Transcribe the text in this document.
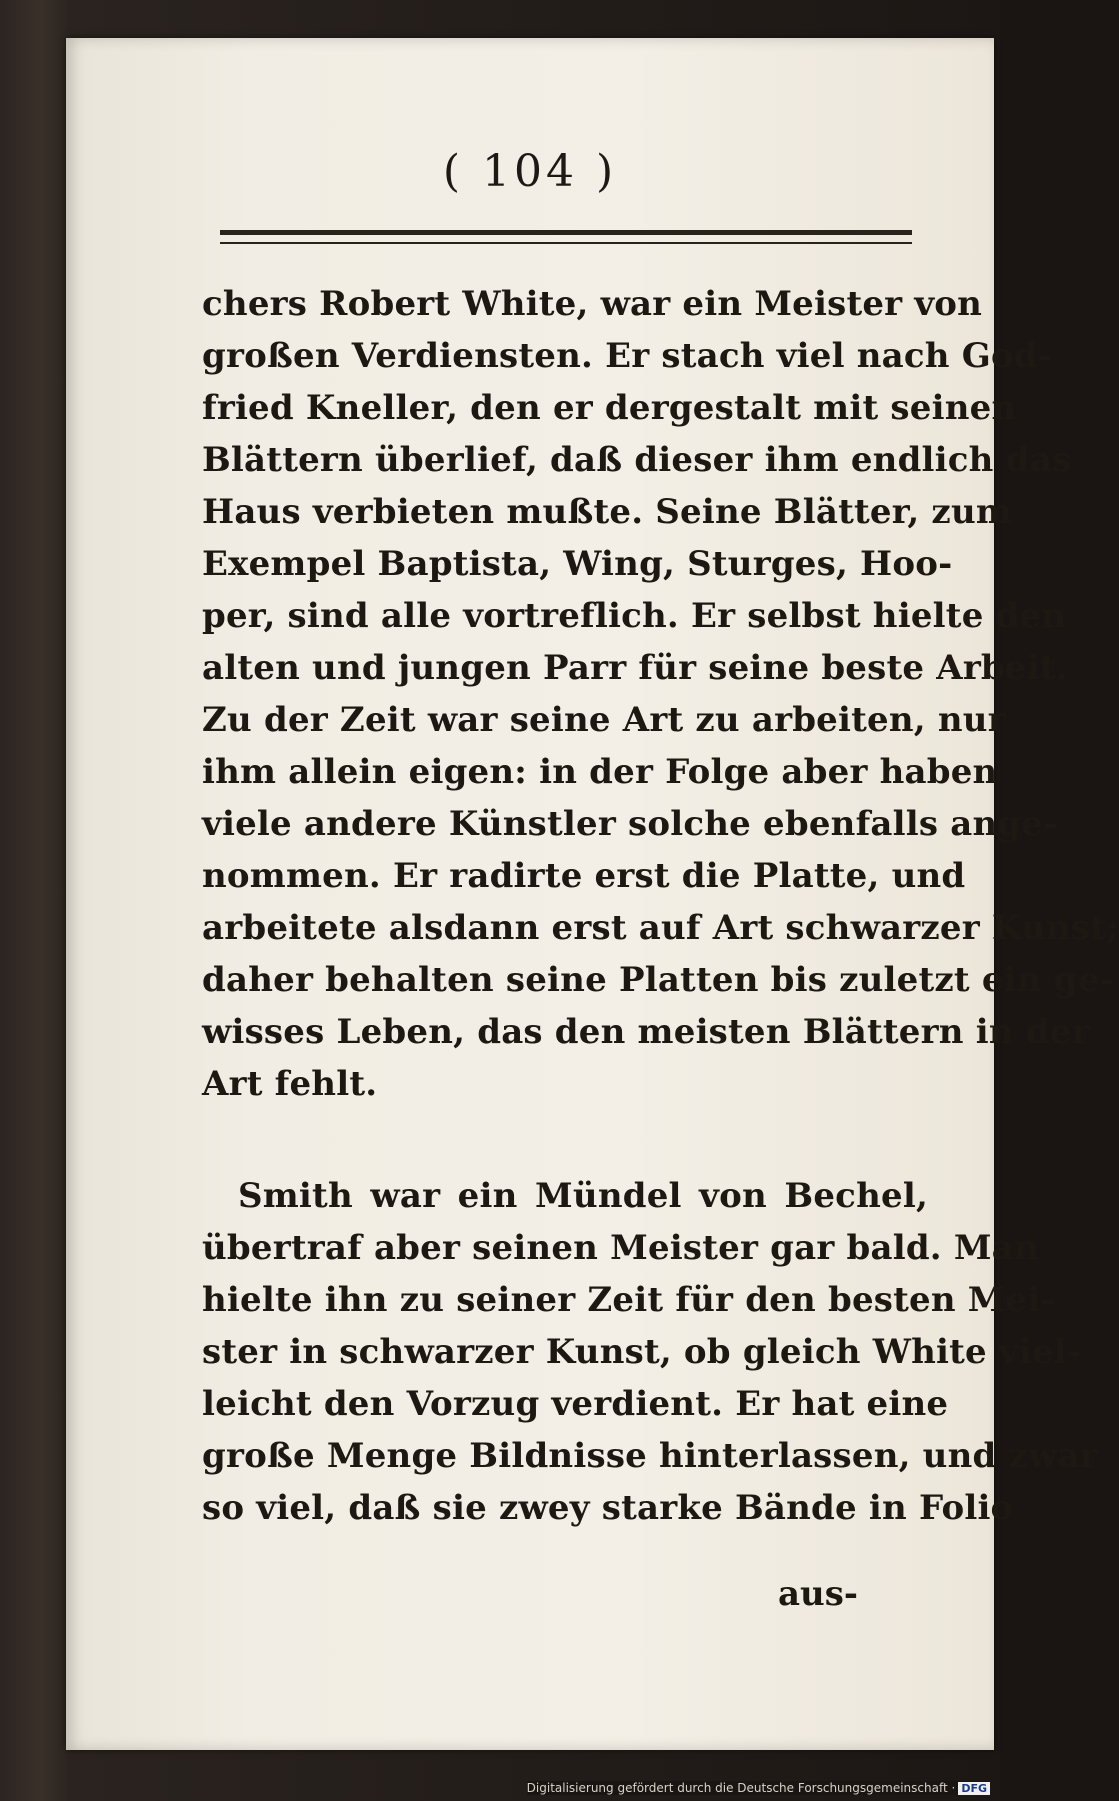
( 104 )
chers Robert White, war ein Meister von
großen Verdiensten. Er stach viel nach God-
fried Kneller, den er dergestalt mit seinen
Blättern überlief, daß dieser ihm endlich das
Haus verbieten mußte. Seine Blätter, zum
Exempel Baptista, Wing, Sturges, Hoo-
per, sind alle vortreflich. Er selbst hielte den
alten und jungen Parr für seine beste Arbeit.
Zu der Zeit war seine Art zu arbeiten, nur
ihm allein eigen: in der Folge aber haben
viele andere Künstler solche ebenfalls ange-
nommen. Er radirte erst die Platte, und
arbeitete alsdann erst auf Art schwarzer Kunst;
daher behalten seine Platten bis zuletzt ein ge-
wisses Leben, das den meisten Blättern in der
Art fehlt.
Smith war ein Mündel von Bechel,
übertraf aber seinen Meister gar bald. Man
hielte ihn zu seiner Zeit für den besten Mei-
ster in schwarzer Kunst, ob gleich White viel-
leicht den Vorzug verdient. Er hat eine
große Menge Bildnisse hinterlassen, und zwar
so viel, daß sie zwey starke Bände in Folio
aus-
Digitalisierung gefördert durch die Deutsche Forschungsgemeinschaft · DFG
